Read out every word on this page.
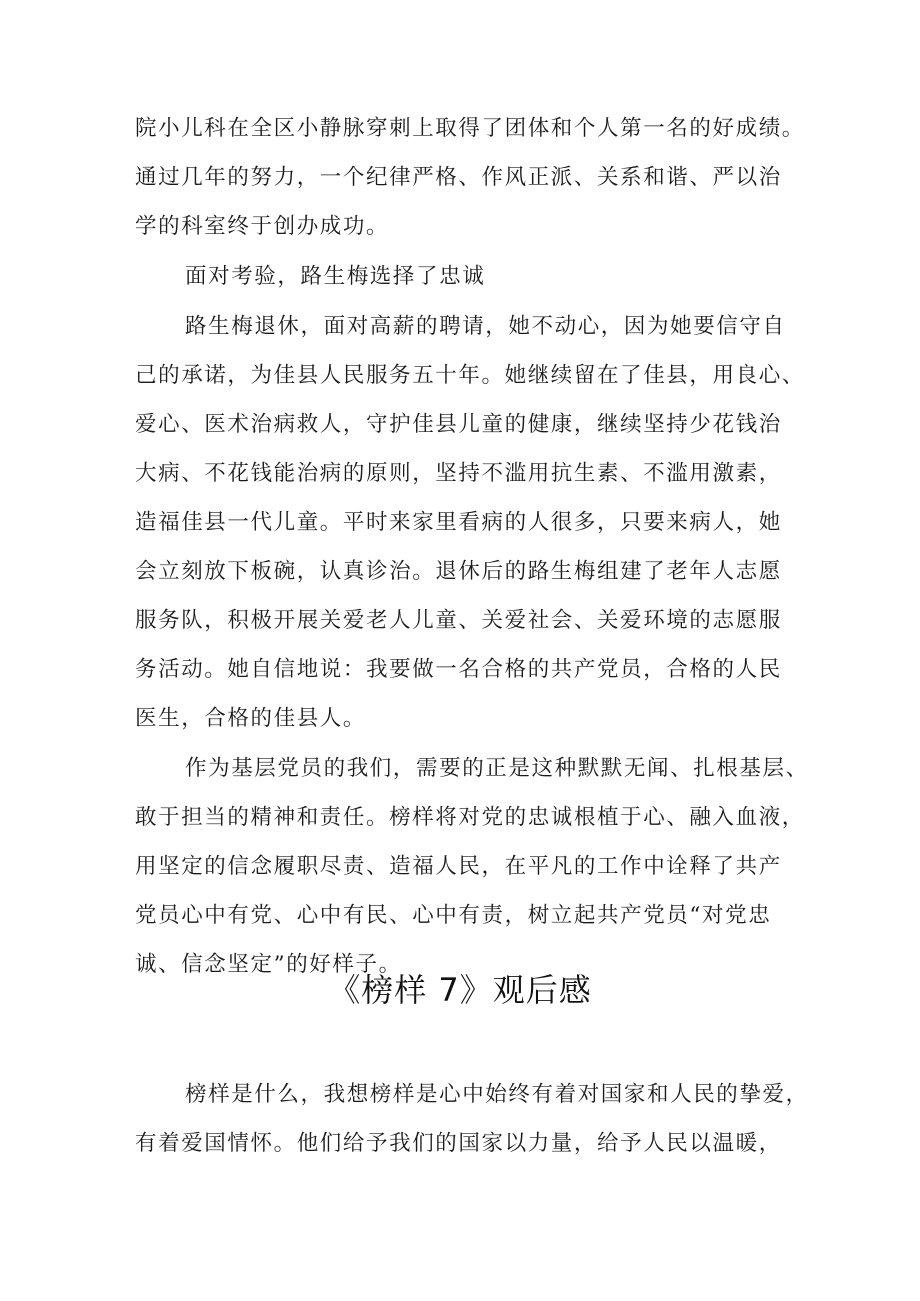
院小儿科在全区小静脉穿刺上取得了团体和个人第一名的好成绩。
通过几年的努力，一个纪律严格、作风正派、关系和谐、严以治
学的科室终于创办成功。
面对考验，路生梅选择了忠诚
路生梅退休，面对高薪的聘请，她不动心，因为她要信守自
己的承诺，为佳县人民服务五十年。她继续留在了佳县，用良心、
爱心、医术治病救人，守护佳县儿童的健康，继续坚持少花钱治
大病、不花钱能治病的原则，坚持不滥用抗生素、不滥用激素，
造福佳县一代儿童。平时来家里看病的人很多，只要来病人，她
会立刻放下板碗，认真诊治。退休后的路生梅组建了老年人志愿
服务队，积极开展关爱老人儿童、关爱社会、关爱环境的志愿服
务活动。她自信地说：我要做一名合格的共产党员，合格的人民
医生，合格的佳县人。
作为基层党员的我们，需要的正是这种默默无闻、扎根基层、
敢于担当的精神和责任。榜样将对党的忠诚根植于心、融入血液，
用坚定的信念履职尽责、造福人民，在平凡的工作中诠释了共产
党员心中有党、心中有民、心中有责，树立起共产党员“对党忠
诚、信念坚定”的好样子。
《榜样 7》观后感
榜样是什么，我想榜样是心中始终有着对国家和人民的挚爱，
有着爱国情怀。他们给予我们的国家以力量，给予人民以温暖，
